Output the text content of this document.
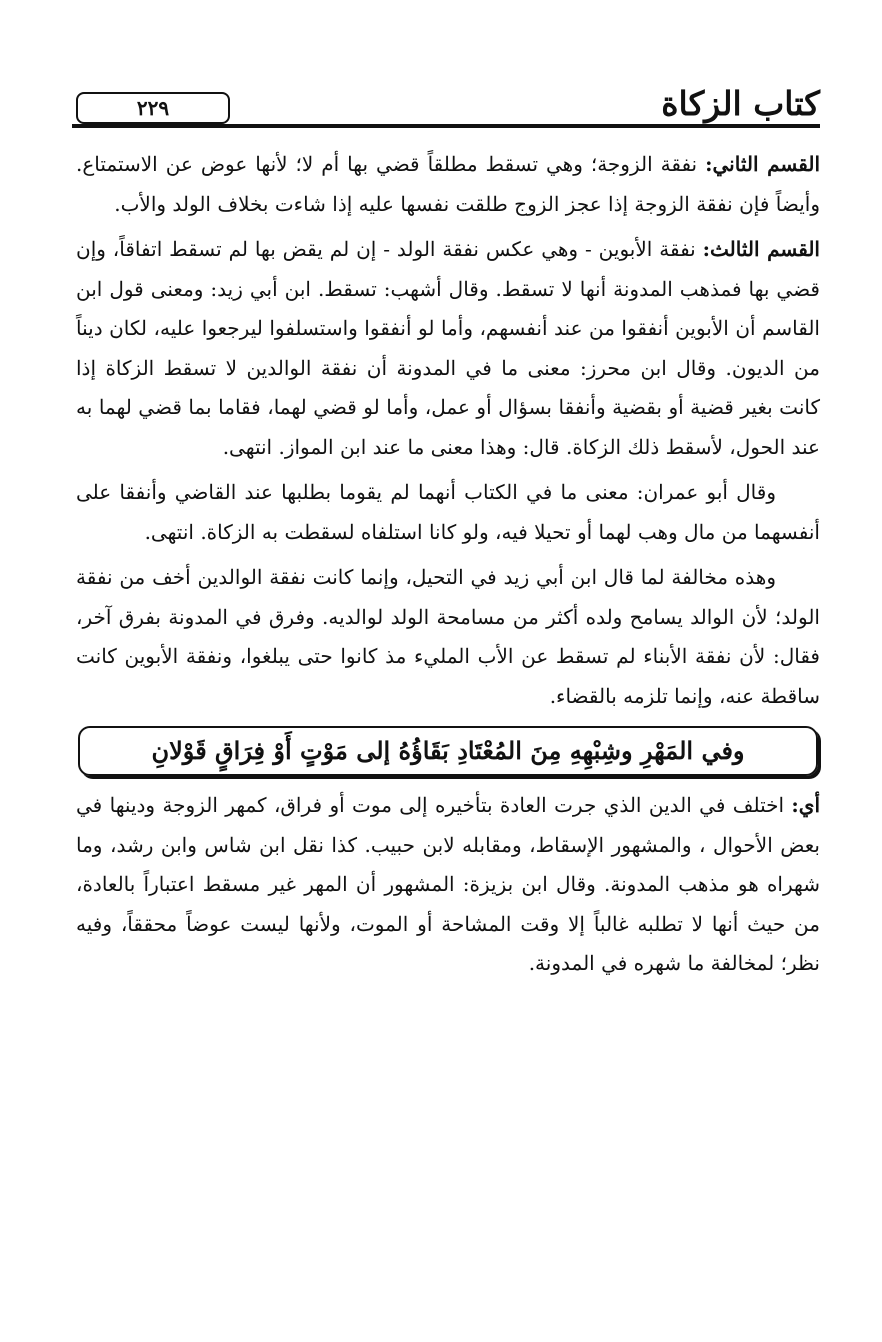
كتاب الزكاة
٢٢٩

القسم الثاني: نفقة الزوجة؛ وهي تسقط مطلقاً قضي بها أم لا؛ لأنها عوض عن الاستمتاع. وأيضاً فإن نفقة الزوجة إذا عجز الزوج طلقت نفسها عليه إذا شاءت بخلاف الولد والأب.

القسم الثالث: نفقة الأبوين - وهي عكس نفقة الولد - إن لم يقض بها لم تسقط اتفاقاً، وإن قضي بها فمذهب المدونة أنها لا تسقط. وقال أشهب: تسقط. ابن أبي زيد: ومعنى قول ابن القاسم أن الأبوين أنفقوا من عند أنفسهم، وأما لو أنفقوا واستسلفوا ليرجعوا عليه، لكان ديناً من الديون. وقال ابن محرز: معنى ما في المدونة أن نفقة الوالدين لا تسقط الزكاة إذا كانت بغير قضية أو بقضية وأنفقا بسؤال أو عمل، وأما لو قضي لهما، فقاما بما قضي لهما به عند الحول، لأسقط ذلك الزكاة. قال: وهذا معنى ما عند ابن المواز. انتهى.

وقال أبو عمران: معنى ما في الكتاب أنهما لم يقوما بطلبها عند القاضي وأنفقا على أنفسهما من مال وهب لهما أو تحيلا فيه، ولو كانا استلفاه لسقطت به الزكاة. انتهى.

وهذه مخالفة لما قال ابن أبي زيد في التحيل، وإنما كانت نفقة الوالدين أخف من نفقة الولد؛ لأن الوالد يسامح ولده أكثر من مسامحة الولد لوالديه. وفرق في المدونة بفرق آخر، فقال: لأن نفقة الأبناء لم تسقط عن الأب المليء مذ كانوا حتى يبلغوا، ونفقة الأبوين كانت ساقطة عنه، وإنما تلزمه بالقضاء.

وفي المَهْرِ وشِبْهِهِ مِنَ المُعْتَادِ بَقَاؤُهُ إلى مَوْتٍ أَوْ فِرَاقٍ قَوْلانِ

أي: اختلف في الدين الذي جرت العادة بتأخيره إلى موت أو فراق، كمهر الزوجة ودينها في بعض الأحوال ، والمشهور الإسقاط، ومقابله لابن حبيب. كذا نقل ابن شاس وابن رشد، وما شهراه هو مذهب المدونة. وقال ابن بزيزة: المشهور أن المهر غير مسقط اعتباراً بالعادة، من حيث أنها لا تطلبه غالباً إلا وقت المشاحة أو الموت، ولأنها ليست عوضاً محققاً، وفيه نظر؛ لمخالفة ما شهره في المدونة.
